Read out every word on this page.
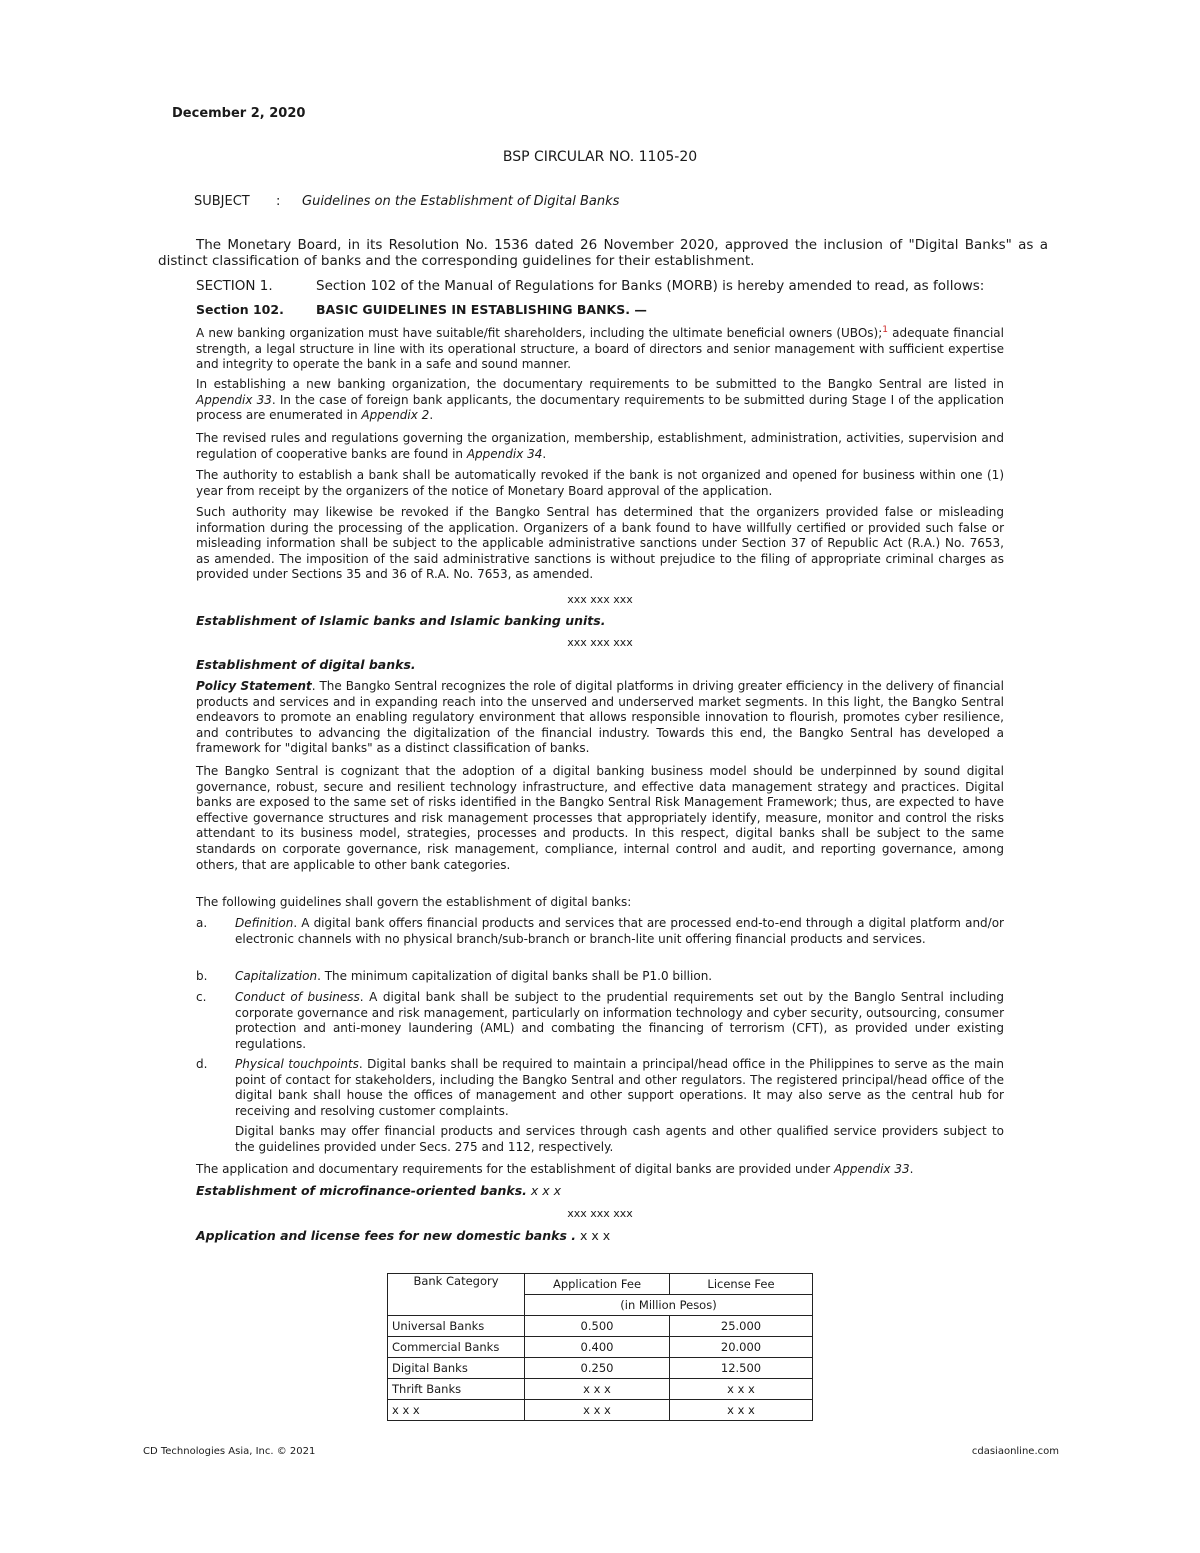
December 2, 2020
BSP CIRCULAR NO. 1105-20
SUBJECT : Guidelines on the Establishment of Digital Banks
The Monetary Board, in its Resolution No. 1536 dated 26 November 2020, approved the inclusion of "Digital Banks" as a distinct classification of banks and the corresponding guidelines for their establishment.
SECTION 1.	Section 102 of the Manual of Regulations for Banks (MORB) is hereby amended to read, as follows:
Section 102.	BASIC GUIDELINES IN ESTABLISHING BANKS. —
A new banking organization must have suitable/fit shareholders, including the ultimate beneficial owners (UBOs);$^1$ adequate financial strength, a legal structure in line with its operational structure, a board of directors and senior management with sufficient expertise and integrity to operate the bank in a safe and sound manner.
In establishing a new banking organization, the documentary requirements to be submitted to the Bangko Sentral are listed in Appendix 33. In the case of foreign bank applicants, the documentary requirements to be submitted during Stage I of the application process are enumerated in Appendix 2.
The revised rules and regulations governing the organization, membership, establishment, administration, activities, supervision and regulation of cooperative banks are found in Appendix 34.
The authority to establish a bank shall be automatically revoked if the bank is not organized and opened for business within one (1) year from receipt by the organizers of the notice of Monetary Board approval of the application.
Such authority may likewise be revoked if the Bangko Sentral has determined that the organizers provided false or misleading information during the processing of the application. Organizers of a bank found to have willfully certified or provided such false or misleading information shall be subject to the applicable administrative sanctions under Section 37 of Republic Act (R.A.) No. 7653, as amended. The imposition of the said administrative sanctions is without prejudice to the filing of appropriate criminal charges as provided under Sections 35 and 36 of R.A. No. 7653, as amended.
xxx xxx xxx
Establishment of Islamic banks and Islamic banking units.
xxx xxx xxx
Establishment of digital banks.
Policy Statement. The Bangko Sentral recognizes the role of digital platforms in driving greater efficiency in the delivery of financial products and services and in expanding reach into the unserved and underserved market segments. In this light, the Bangko Sentral endeavors to promote an enabling regulatory environment that allows responsible innovation to flourish, promotes cyber resilience, and contributes to advancing the digitalization of the financial industry. Towards this end, the Bangko Sentral has developed a framework for "digital banks" as a distinct classification of banks.
The Bangko Sentral is cognizant that the adoption of a digital banking business model should be underpinned by sound digital governance, robust, secure and resilient technology infrastructure, and effective data management strategy and practices. Digital banks are exposed to the same set of risks identified in the Bangko Sentral Risk Management Framework; thus, are expected to have effective governance structures and risk management processes that appropriately identify, measure, monitor and control the risks attendant to its business model, strategies, processes and products. In this respect, digital banks shall be subject to the same standards on corporate governance, risk management, compliance, internal control and audit, and reporting governance, among others, that are applicable to other bank categories.
The following guidelines shall govern the establishment of digital banks:
a. Definition. A digital bank offers financial products and services that are processed end-to-end through a digital platform and/or electronic channels with no physical branch/sub-branch or branch-lite unit offering financial products and services.
b. Capitalization. The minimum capitalization of digital banks shall be P1.0 billion.
c. Conduct of business. A digital bank shall be subject to the prudential requirements set out by the Banglo Sentral including corporate governance and risk management, particularly on information technology and cyber security, outsourcing, consumer protection and anti-money laundering (AML) and combating the financing of terrorism (CFT), as provided under existing regulations.
d. Physical touchpoints. Digital banks shall be required to maintain a principal/head office in the Philippines to serve as the main point of contact for stakeholders, including the Bangko Sentral and other regulators. The registered principal/head office of the digital bank shall house the offices of management and other support operations. It may also serve as the central hub for receiving and resolving customer complaints.
Digital banks may offer financial products and services through cash agents and other qualified service providers subject to the guidelines provided under Secs. 275 and 112, respectively.
The application and documentary requirements for the establishment of digital banks are provided under Appendix 33.
Establishment of microfinance-oriented banks. x x x
xxx xxx xxx
Application and license fees for new domestic banks . x x x
Bank Category	Application Fee	License Fee
	(in Million Pesos)	
Universal Banks	0.500	25.000
Commercial Banks	0.400	20.000
Digital Banks	0.250	12.500
Thrift Banks	x x x	x x x
x x x	x x x	x x x
CD Technologies Asia, Inc. © 2021	cdasiaonline.com
